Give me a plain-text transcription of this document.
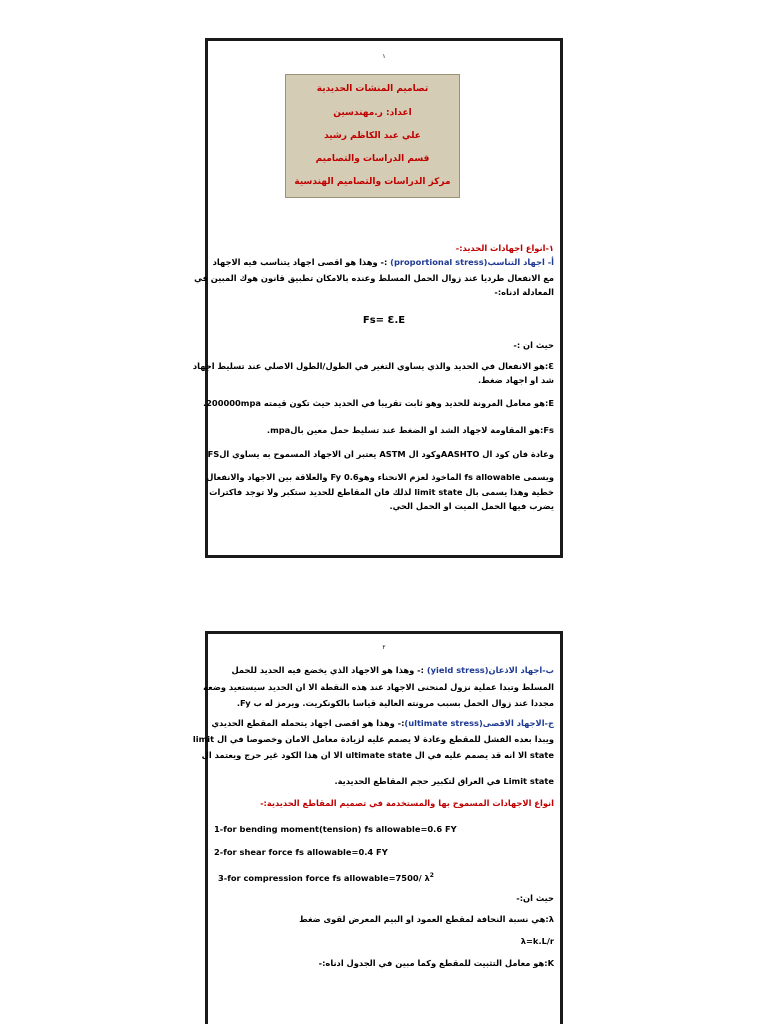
١
تصاميم المنشات الحديدية
اعداد: ر.مهندسين
علي عبد الكاظم رشيد
قسم الدراسات والتصاميم
مركز الدراسات والتصاميم الهندسية
١-انواع اجهادات الحديد:-
أ- اجهاد التناسب(proportional stress) :- وهذا هو اقصى اجهاد يتناسب فيه الاجهاد
مع الانفعال طرديا عند زوال الحمل المسلط وعنده بالامكان تطبيق قانون هوك المبين في
المعادلة ادناه:-
Fs= Ɛ.E
حيث ان :-
Ɛ:هو الانفعال في الحديد والذي يساوي التغير في الطول/الطول الاصلي عند تسليط اجهاد
شد او اجهاد ضغط.
E:هو معامل المرونة للحديد وهو ثابت تقريبا في الحديد حيث تكون قيمته 200000mpa.
Fs:هو المقاومة لاجهاد الشد او الضغط عند تسليط حمل معين بالmpa.
وعادة فان كود ال AASHTOوكود ال ASTM يعتبر ان الاجهاد المسموح به يساوي الFS
ويسمى fs allowable الماخوذ لعزم الانحناء وهو0.6 Fy والعلاقة بين الاجهاد والانفعال
خطية وهذا يسمى بال limit state لذلك فان المقاطع للحديد ستكبر ولا توجد فاكترات
يضرب فيها الحمل الميت او الحمل الحي.
٢
ب-اجهاد الاذعان(yield stress) :- وهذا هو الاجهاد الذي يخضع فيه الحديد للحمل
المسلط وتبدا عملية نزول لمنحنى الاجهاد عند هذه النقطة الا ان الحديد سيستعيد وضعه
مجددا عند زوال الحمل بسبب مرونته العالية قياسا بالكونكريت. ويرمز له ب Fy.
ج-الاجهاد الاقصى(ultimate stress):- وهذا هو اقصى اجهاد يتحمله المقطع الحديدي
ويبدا بعده الفشل للمقطع وعادة لا يصمم عليه لزيادة معامل الامان وخصوصا في ال limit
state الا انه قد يصمم عليه في ال ultimate state الا ان هذا الكود غير حرج ويعتمد ال
Limit state في العراق لتكبير حجم المقاطع الحديدية.
انواع الاجهادات المسموح بها والمستخدمة في تصميم المقاطع الحديدية:-
1-for bending moment(tension) fs allowable=0.6 FY
2-for shear force fs allowable=0.4 FY
3-for compression force fs allowable=7500/ $\lambda^2$
حيث ان:-
λ:هي نسبة النحافة لمقطع العمود او البيم المعرض لقوى ضغط
λ=k.L/r
K:هو معامل التثبيت للمقطع وكما مبين في الجدول ادناه:-
